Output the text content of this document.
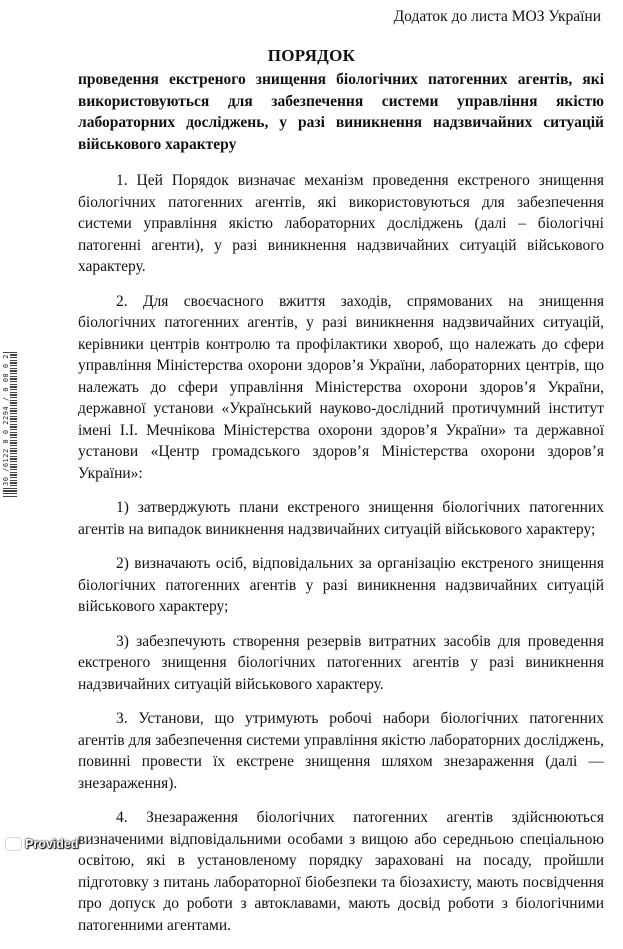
Додаток до листа МОЗ України
ПОРЯДОК
проведення екстреного знищення біологічних патогенних агентів, які використовуються для забезпечення системи управління якістю лабораторних досліджень, у разі виникнення надзвичайних ситуацій військового характеру

1. Цей Порядок визначає механізм проведення екстреного знищення біологічних патогенних агентів, які використовуються для забезпечення системи управління якістю лабораторних досліджень (далі – біологічні патогенні агенти), у разі виникнення надзвичайних ситуацій військового характеру.

2. Для своєчасного вжиття заходів, спрямованих на знищення біологічних патогенних агентів, у разі виникнення надзвичайних ситуацій, керівники центрів контролю та профілактики хвороб, що належать до сфери управління Міністерства охорони здоров’я України, лабораторних центрів, що належать до сфери управління Міністерства охорони здоров’я України, державної установи «Український науково-дослідний протичумний інститут імені І.І. Мечнікова Міністерства охорони здоров’я України» та державної установи «Центр громадського здоров’я Міністерства охорони здоров’я України»:

1) затверджують плани екстреного знищення біологічних патогенних агентів на випадок виникнення надзвичайних ситуацій військового характеру;

2) визначають осіб, відповідальних за організацію екстреного знищення біологічних патогенних агентів у разі виникнення надзвичайних ситуацій військового характеру;

3) забезпечують створення резервів витратних засобів для проведення екстреного знищення біологічних патогенних агентів у разі виникнення надзвичайних ситуацій військового характеру.

3. Установи, що утримують робочі набори біологічних патогенних агентів для забезпечення системи управління якістю лабораторних досліджень, повинні провести їх екстрене знищення шляхом знезараження (далі — знезараження).

4. Знезараження біологічних патогенних агентів здійснюються визначеними відповідальними особами з вищою або середньою спеціальною освітою, які в установленому порядку зараховані на посаду, пройшли підготовку з питань лабораторної біобезпеки та біозахисту, мають посвідчення про допуск до роботи з автоклавами, мають досвід роботи з біологічними патогенними агентами.

30 /6122 0 0 2294 / 0 00 0 2
Provided
